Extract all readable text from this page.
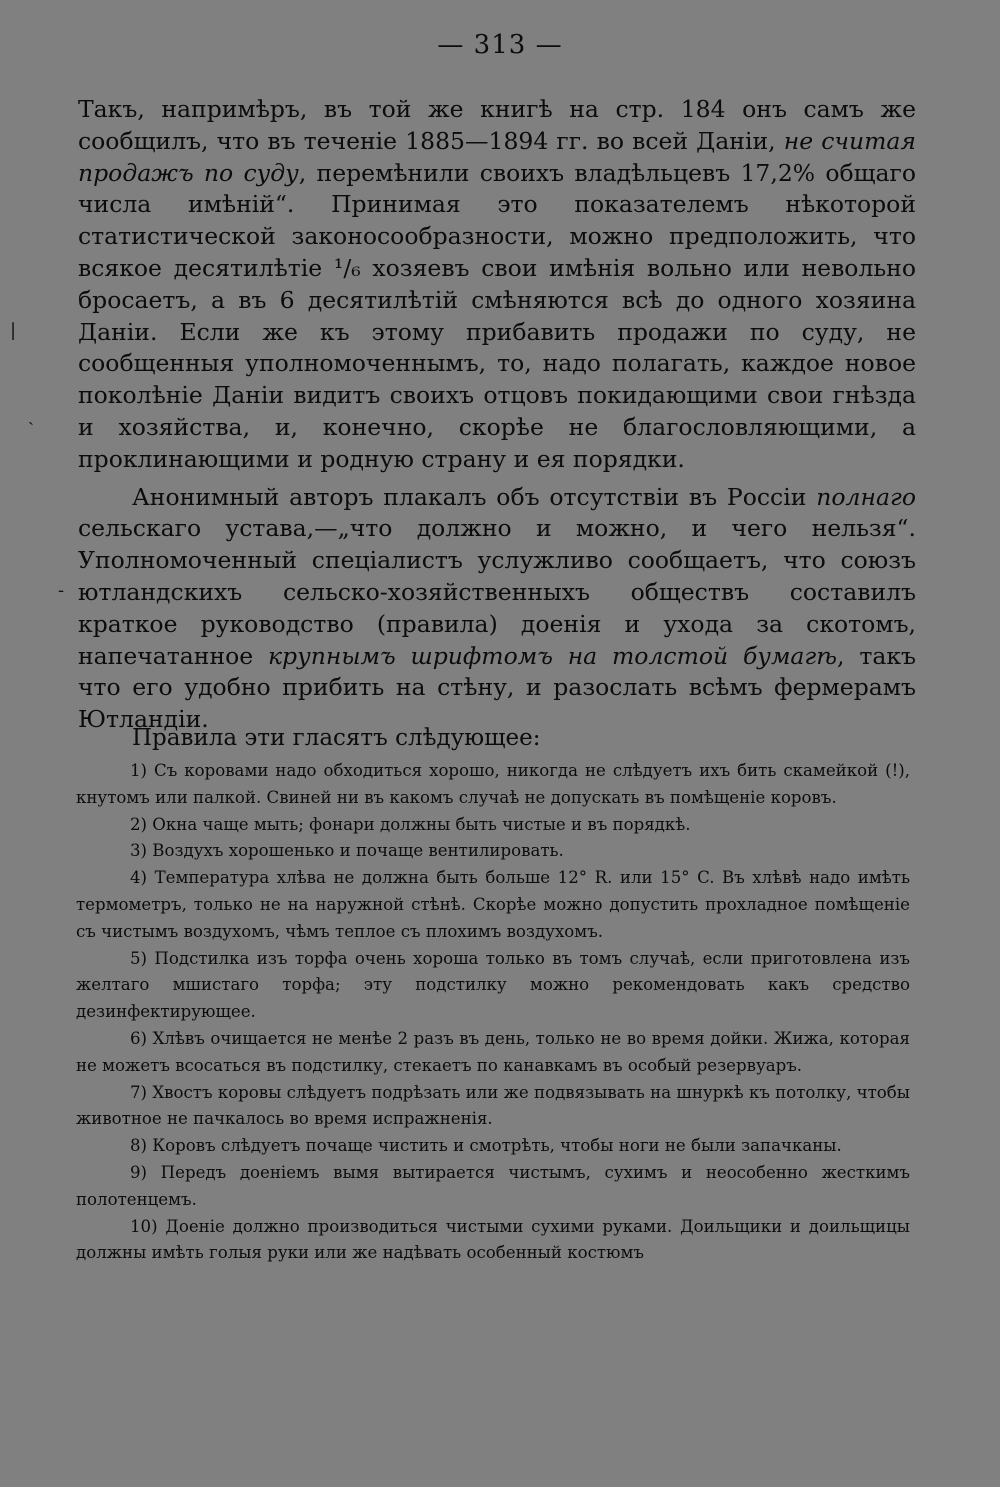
— 313 —

Такъ, напримѣръ, въ той же книгѣ на стр. 184 онъ самъ же сообщилъ, что въ теченіе 1885—1894 гг. во всей Даніи, не считая продажъ по суду, перемѣнили своихъ владѣльцевъ 17,2% общаго числа имѣній“. Принимая это показателемъ нѣкоторой статистической законосообразности, можно предположить, что всякое десятилѣтіе ¹/₆ хозяевъ свои имѣнія вольно или невольно бросаетъ, а въ 6 десятилѣтій смѣняются всѣ до одного хозяина Даніи. Если же къ этому прибавить продажи по суду, не сообщенныя уполномоченнымъ, то, надо полагать, каждое новое поколѣніе Даніи видитъ своихъ отцовъ покидающими свои гнѣзда и хозяйства, и, конечно, скорѣе не благословляющими, а проклинающими и родную страну и ея порядки.

Анонимный авторъ плакалъ объ отсутствіи въ Россіи полнаго сельскаго устава,—„что должно и можно, и чего нельзя“. Уполномоченный спеціалистъ услужливо сообщаетъ, что союзъ ютландскихъ сельско-хозяйственныхъ обществъ составилъ краткое руководство (правила) доенія и ухода за скотомъ, напечатанное крупнымъ шрифтомъ на толстой бумагѣ, такъ что его удобно прибить на стѣну, и разослать всѣмъ фермерамъ Ютландіи.

Правила эти гласятъ слѣдующее:

1) Съ коровами надо обходиться хорошо, никогда не слѣдуетъ ихъ бить скамейкой (!), кнутомъ или палкой. Свиней ни въ какомъ случаѣ не допускать въ помѣщеніе коровъ.

2) Окна чаще мыть; фонари должны быть чистые и въ порядкѣ.

3) Воздухъ хорошенько и почаще вентилировать.

4) Температура хлѣва не должна быть больше 12° R. или 15° C. Въ хлѣвѣ надо имѣть термометръ, только не на наружной стѣнѣ. Скорѣе можно допустить прохладное помѣщеніе съ чистымъ воздухомъ, чѣмъ теплое съ плохимъ воздухомъ.

5) Подстилка изъ торфа очень хороша только въ томъ случаѣ, если приготовлена изъ желтаго мшистаго торфа; эту подстилку можно рекомендовать какъ средство дезинфектирующее.

6) Хлѣвъ очищается не менѣе 2 разъ въ день, только не во время дойки. Жижа, которая не можетъ всосаться въ подстилку, стекаетъ по канавкамъ въ особый резервуаръ.

7) Хвостъ коровы слѣдуетъ подрѣзать или же подвязывать на шнуркѣ къ потолку, чтобы животное не пачкалось во время испражненія.

8) Коровъ слѣдуетъ почаще чистить и смотрѣть, чтобы ноги не были запачканы.

9) Передъ доеніемъ вымя вытирается чистымъ, сухимъ и неособенно жесткимъ полотенцемъ.

10) Доеніе должно производиться чистыми сухими руками. Доильщики и доильщицы должны имѣть голыя руки или же надѣвать особенный костюмъ

|
ˎ
-
